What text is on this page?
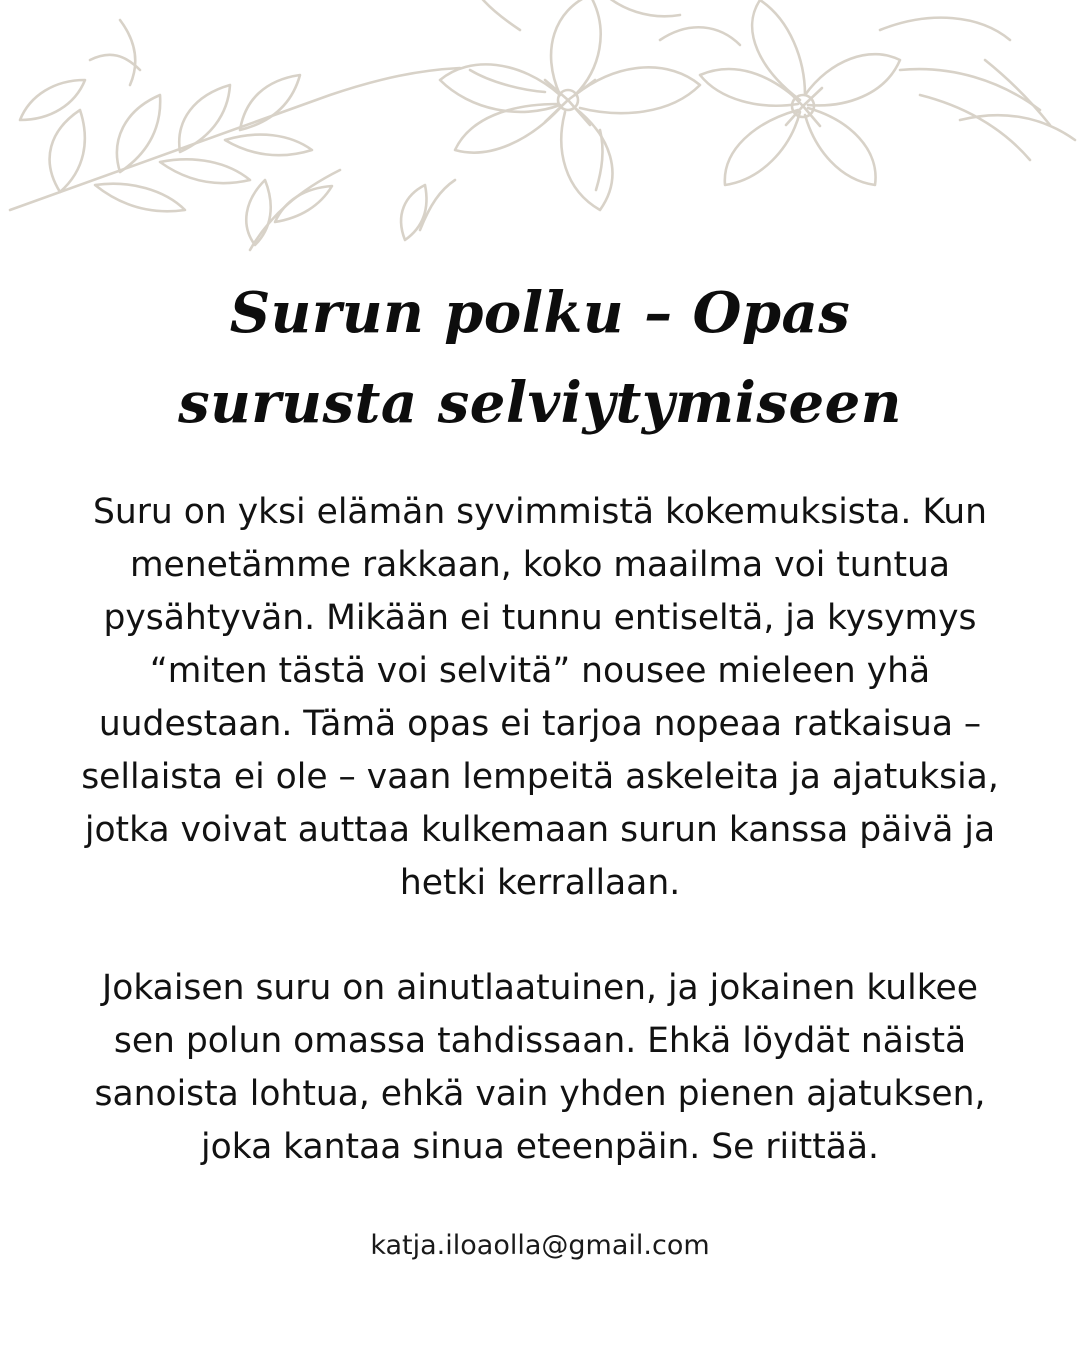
Surun polku – Opas surusta selviytymiseen
Suru on yksi elämän syvimmistä kokemuksista. Kun menetämme rakkaan, koko maailma voi tuntua pysähtyvän. Mikään ei tunnu entiseltä, ja kysymys “miten tästä voi selvitä” nousee mieleen yhä uudestaan. Tämä opas ei tarjoa nopeaa ratkaisua – sellaista ei ole – vaan lempeitä askeleita ja ajatuksia, jotka voivat auttaa kulkemaan surun kanssa päivä ja hetki kerrallaan.
Jokaisen suru on ainutlaatuinen, ja jokainen kulkee sen polun omassa tahdissaan. Ehkä löydät näistä sanoista lohtua, ehkä vain yhden pienen ajatuksen, joka kantaa sinua eteenpäin. Se riittää.
katja.iloaolla@gmail.com
